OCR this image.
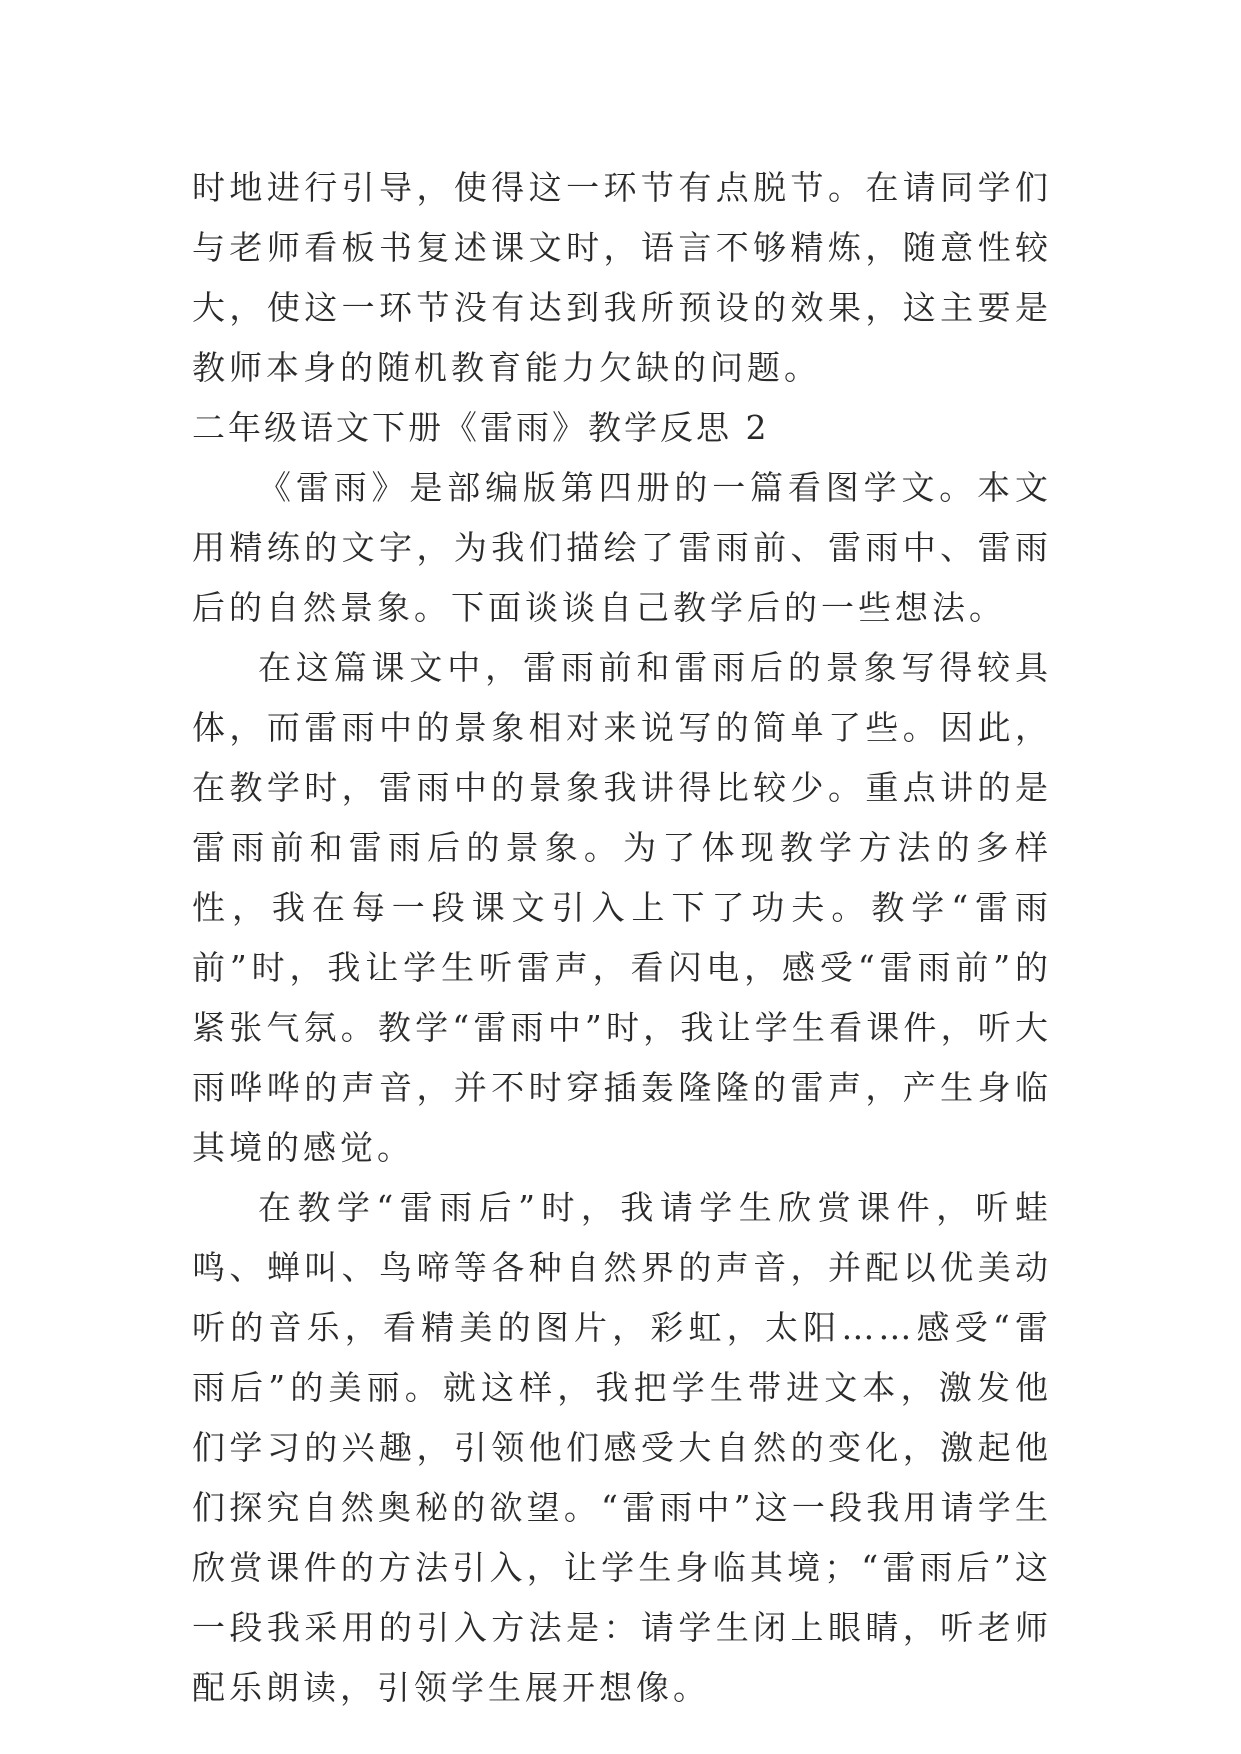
时地进行引导，使得这一环节有点脱节。在请同学们与老师看板书复述课文时，语言不够精炼，随意性较大，使这一环节没有达到我所预设的效果，这主要是教师本身的随机教育能力欠缺的问题。

二年级语文下册《雷雨》教学反思 2

《雷雨》是部编版第四册的一篇看图学文。本文用精练的文字，为我们描绘了雷雨前、雷雨中、雷雨后的自然景象。下面谈谈自己教学后的一些想法。

在这篇课文中，雷雨前和雷雨后的景象写得较具体，而雷雨中的景象相对来说写的简单了些。因此，在教学时，雷雨中的景象我讲得比较少。重点讲的是雷雨前和雷雨后的景象。为了体现教学方法的多样性，我在每一段课文引入上下了功夫。教学“雷雨前”时，我让学生听雷声，看闪电，感受“雷雨前”的紧张气氛。教学“雷雨中”时，我让学生看课件，听大雨哗哗的声音，并不时穿插轰隆隆的雷声，产生身临其境的感觉。

在教学“雷雨后”时，我请学生欣赏课件，听蛙鸣、蝉叫、鸟啼等各种自然界的声音，并配以优美动听的音乐，看精美的图片，彩虹，太阳……感受“雷雨后”的美丽。就这样，我把学生带进文本，激发他们学习的兴趣，引领他们感受大自然的变化，激起他们探究自然奥秘的欲望。“雷雨中”这一段我用请学生欣赏课件的方法引入，让学生身临其境；“雷雨后”这一段我采用的引入方法是：请学生闭上眼睛，听老师配乐朗读，引领学生展开想像。
